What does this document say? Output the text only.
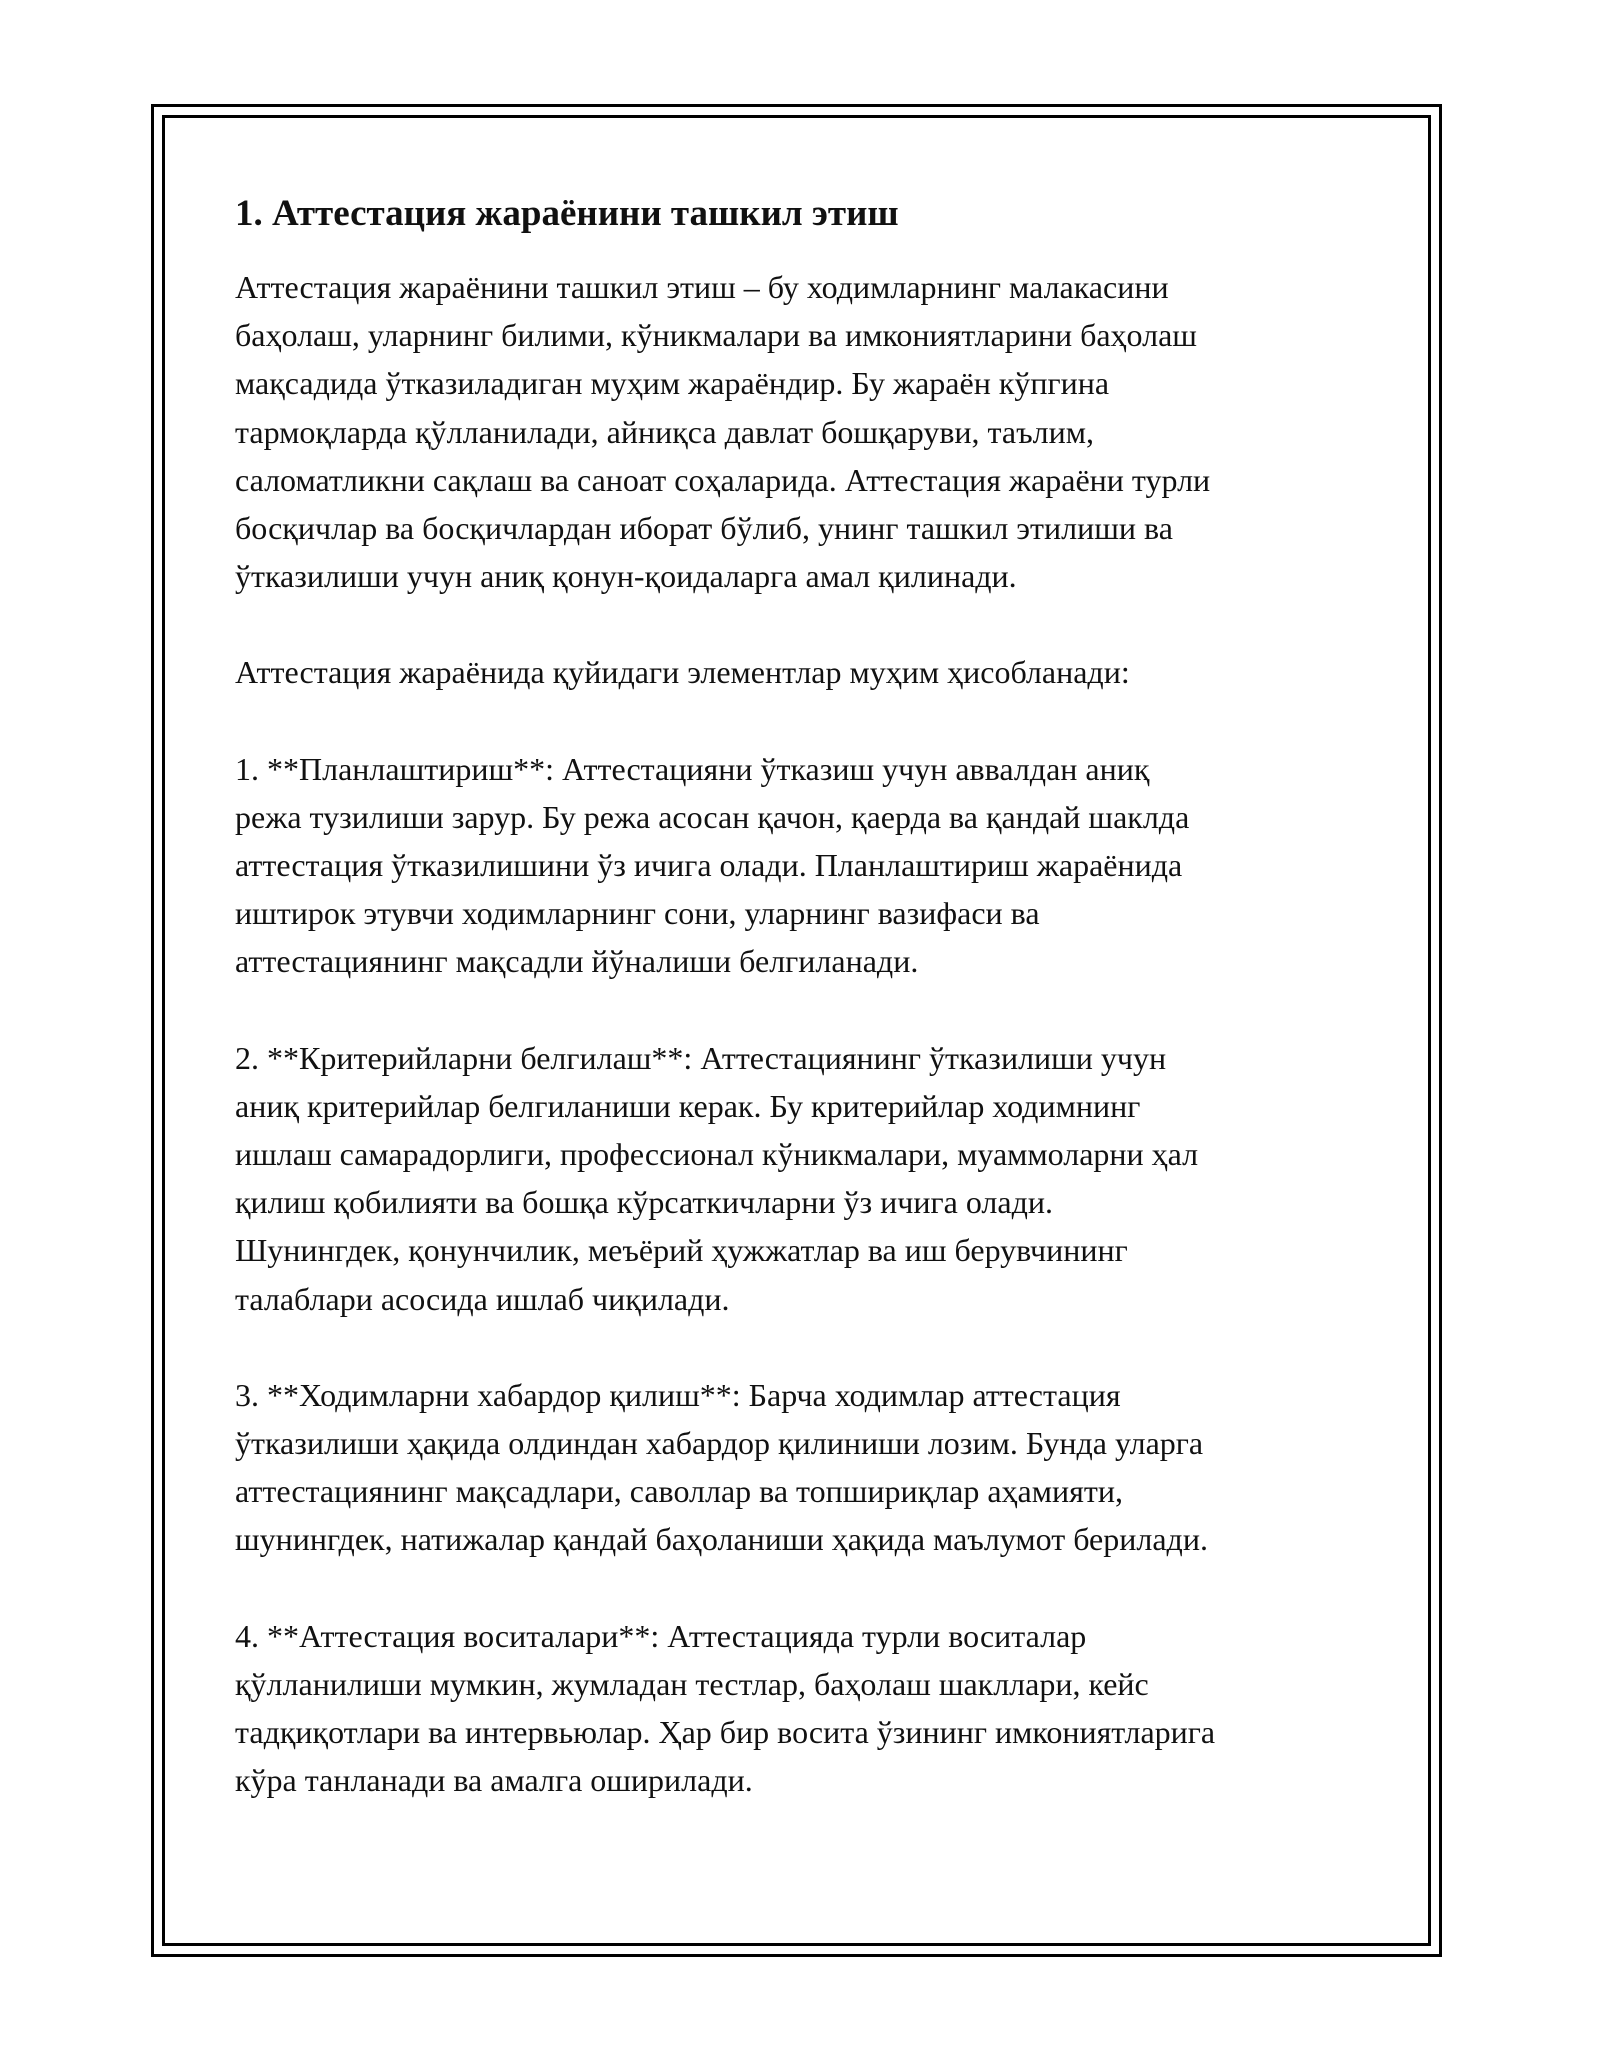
1. Аттестация жараёнини ташкил этиш

Аттестация жараёнини ташкил этиш – бу ходимларнинг малакасини
баҳолаш, уларнинг билими, кўникмалари ва имкониятларини баҳолаш
мақсадида ўтказиладиган муҳим жараёндир. Бу жараён кўпгина
тармоқларда қўлланилади, айниқса давлат бошқаруви, таълим,
саломатликни сақлаш ва саноат соҳаларида. Аттестация жараёни турли
босқичлар ва босқичлардан иборат бўлиб, унинг ташкил этилиши ва
ўтказилиши учун аниқ қонун-қоидаларга амал қилинади.

Аттестация жараёнида қуйидаги элементлар муҳим ҳисобланади:

1. **Планлаштириш**: Аттестацияни ўтказиш учун аввалдан аниқ
режа тузилиши зарур. Бу режа асосан қачон, қаерда ва қандай шаклда
аттестация ўтказилишини ўз ичига олади. Планлаштириш жараёнида
иштирок этувчи ходимларнинг сони, уларнинг вазифаси ва
аттестациянинг мақсадли йўналиши белгиланади.

2. **Критерийларни белгилаш**: Аттестациянинг ўтказилиши учун
аниқ критерийлар белгиланиши керак. Бу критерийлар ходимнинг
ишлаш самарадорлиги, профессионал кўникмалари, муаммоларни ҳал
қилиш қобилияти ва бошқа кўрсаткичларни ўз ичига олади.
Шунингдек, қонунчилик, меъёрий ҳужжатлар ва иш берувчининг
талаблари асосида ишлаб чиқилади.

3. **Ходимларни хабардор қилиш**: Барча ходимлар аттестация
ўтказилиши ҳақида олдиндан хабардор қилиниши лозим. Бунда уларга
аттестациянинг мақсадлари, саволлар ва топшириқлар аҳамияти,
шунингдек, натижалар қандай баҳоланиши ҳақида маълумот берилади.

4. **Аттестация воситалари**: Аттестацияда турли воситалар
қўлланилиши мумкин, жумладан тестлар, баҳолаш шакллари, кейс
тадқиқотлари ва интервьюлар. Ҳар бир восита ўзининг имкониятларига
кўра танланади ва амалга оширилади.
